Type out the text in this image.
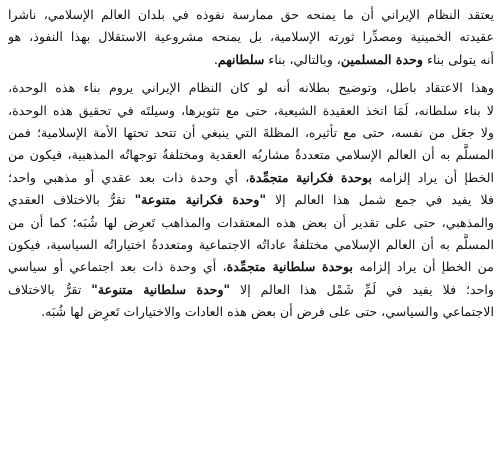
يعتقد النظام الإيراني أن ما يمنحه حق ممارسة نفوذه في بلدان العالم الإسلامي، ناشرا
عقيدته الخمينية ومصدِّرا ثورته الإسلامية، بل يمنحه مشروعية الاستقلال بهذا النفوذ، هو
أنه يتولى بناء وحدة المسلمين، وبالتالي، بناء سلطانهم.

وهذا الاعتقاد باطل، وتوضيح بطلانه أنه لو كان النظام الإيراني يروم بناء هذه الوحدة،
لا بناء سلطانه، لَمَا اتخذ العقيدة الشيعية، حتى مع تثويرها، وسيلتَه في تحقيق هذه الوحدة،
ولا جعَل من نفسه، حتى مع تأثيره، المظلةَ التي ينبغي أن تتحد تحتها الأمة الإسلامية؛ فمن
المسلَّم به أن العالم الإسلامي متعددةٌ مشاربُه العقدية ومختلفةٌ توجهاتُه المذهبية، فيكون من
الخطإ أن يراد إلزامه بوحدة فكرانية متجمِّدة، أي وحدة ذات بعد عقدي أو مذهبي واحد؛
فلا يفيد في جمع شمل هذا العالم إلا "وحدة فكرانية متنوعة" تقرُّ بالاختلاف العقدي
والمذهبي، حتى على تقدير أن بعض هذه المعتقدات والمذاهب تَعرِض لها شُبَه؛ كما أن من
المسلَّم به أن العالم الإسلامي مختلفةٌ عاداتُه الاجتماعية ومتعددةٌ اختياراتُه السياسية، فيكون
من الخطإ أن يراد إلزامه بوحدة سلطانية متجمِّدة، أي وحدة ذات بعد اجتماعي أو سياسي
واحد؛ فلا يفيد في لَمِّ شَمْل هذا العالم إلا "وحدة سلطانية متنوعة" تقرُّ بالاختلاف
الاجتماعي والسياسي، حتى على فرض أن بعض هذه العادات والاختيارات تَعرِض لها شُبَه.
